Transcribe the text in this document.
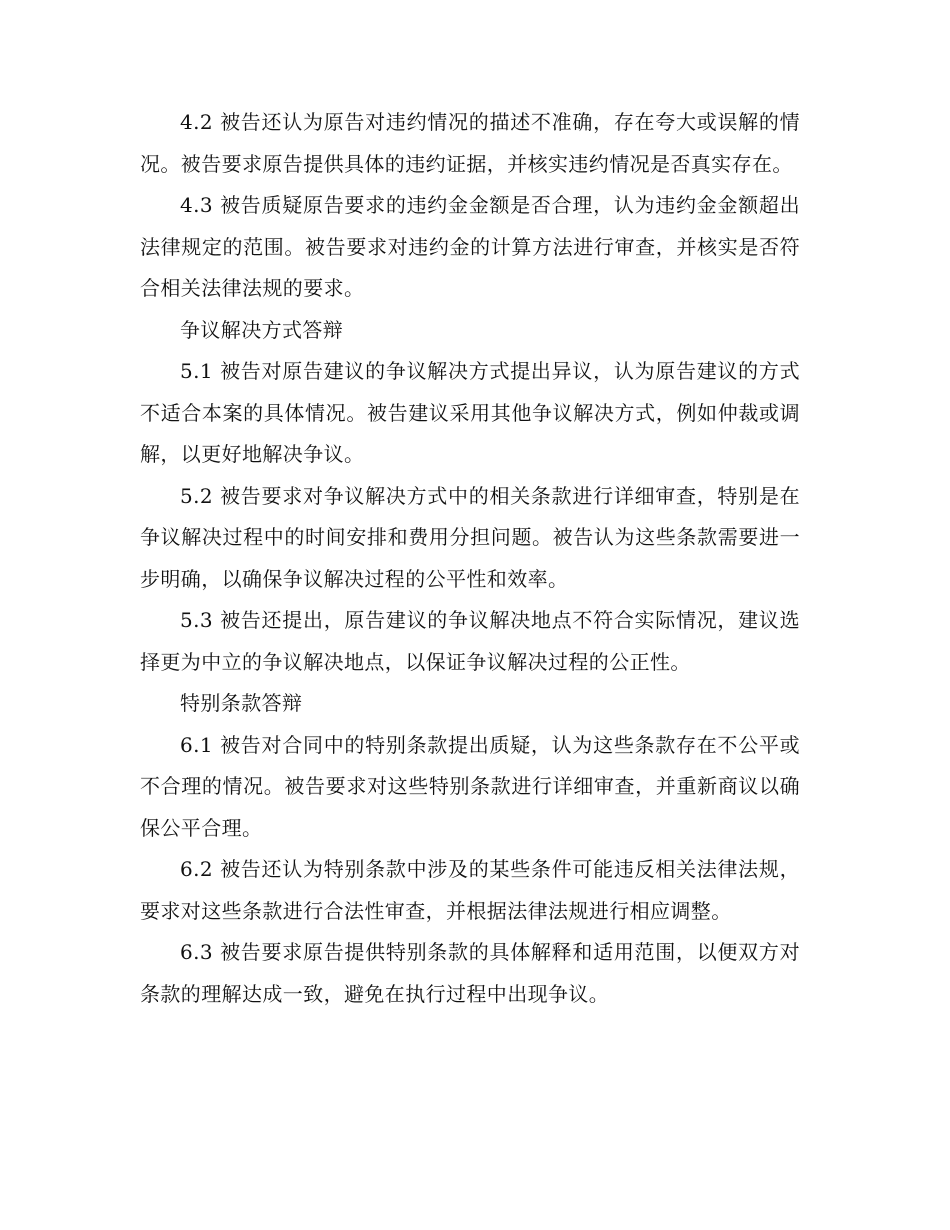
4.2 被告还认为原告对违约情况的描述不准确，存在夸大或误解的情况。被告要求原告提供具体的违约证据，并核实违约情况是否真实存在。

4.3 被告质疑原告要求的违约金金额是否合理，认为违约金金额超出法律规定的范围。被告要求对违约金的计算方法进行审查，并核实是否符合相关法律法规的要求。

争议解决方式答辩

5.1 被告对原告建议的争议解决方式提出异议，认为原告建议的方式不适合本案的具体情况。被告建议采用其他争议解决方式，例如仲裁或调解，以更好地解决争议。

5.2 被告要求对争议解决方式中的相关条款进行详细审查，特别是在争议解决过程中的时间安排和费用分担问题。被告认为这些条款需要进一步明确，以确保争议解决过程的公平性和效率。

5.3 被告还提出，原告建议的争议解决地点不符合实际情况，建议选择更为中立的争议解决地点，以保证争议解决过程的公正性。

特别条款答辩

6.1 被告对合同中的特别条款提出质疑，认为这些条款存在不公平或不合理的情况。被告要求对这些特别条款进行详细审查，并重新商议以确保公平合理。

6.2 被告还认为特别条款中涉及的某些条件可能违反相关法律法规，要求对这些条款进行合法性审查，并根据法律法规进行相应调整。

6.3 被告要求原告提供特别条款的具体解释和适用范围，以便双方对条款的理解达成一致，避免在执行过程中出现争议。
